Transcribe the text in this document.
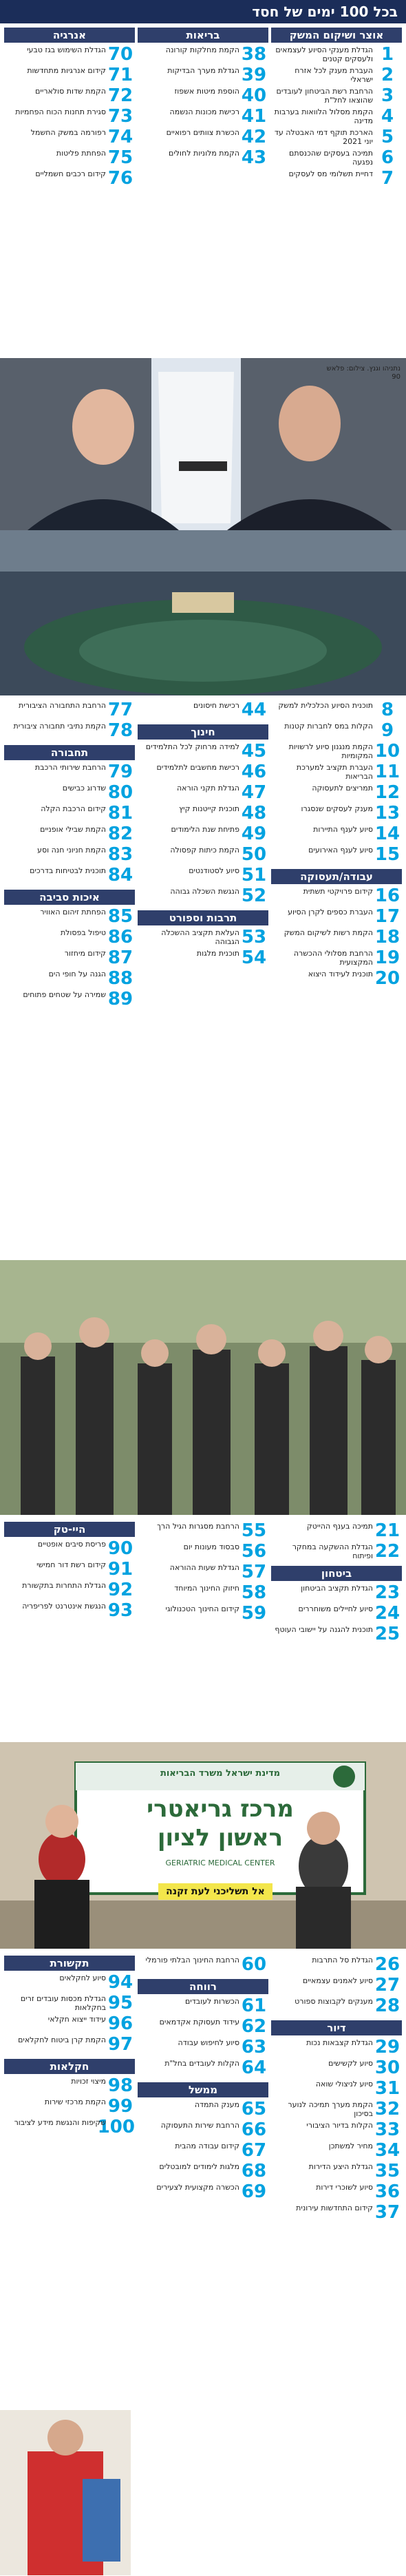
בכל 100 ימים של חסד
אוצר ושיקום המשק
1
הגדלת מענקי הסיוע לעצמאים ולעסקים קטנים
2
העברת מענק לכל אזרח ישראלי
3
הרחבת רשת הביטחון לעובדים שהוצאו לחל"ת
4
הקמת מסלול הלוואות בערבות מדינה
5
הארכת תוקף דמי האבטלה עד יוני 2021
6
תמיכה בעסקים שהכנסתם נפגעה
7
דחיית תשלומי מס לעסקים
בריאות
38
הקמת מחלקות קורונה
39
הגדלת מערך הבדיקות
40
הוספת מיטות אשפוז
41
רכישת מכונות הנשמה
42
הכשרת צוותים רפואיים
43
הקמת מלוניות לחולים
אנרגיה
70
הגדלת השימוש בגז טבעי
71
קידום אנרגיות מתחדשות
72
הקמת שדות סולאריים
73
סגירת תחנות הכוח הפחמיות
74
רפורמה במשק החשמל
75
הפחתת פליטות
76
קידום רכבים חשמליים
נתניהו וגנץ. צילום: פלאש 90
8
תוכנית הסיוע הכלכלית למשק
9
הקלות במס לחברות קטנות
10
הקמת מנגנון סיוע לרשויות המקומיות
11
העברת תקציב למערכת הבריאות
12
תמריצים לתעסוקה
13
מענק לעסקים שנסגרו
14
סיוע לענף התיירות
15
סיוע לענף האירועים
עבודה/תעסוקה
16
קידום פרויקטי תשתית
17
העברת כספים לקרן הסיוע
18
הקמת רשות לשיקום המשק
19
הרחבת מסלולי ההכשרה המקצועית
20
תוכנית לעידוד היצוא
44
רכישת חיסונים
חינוך
45
למידה מרחוק לכל התלמידים
46
רכישת מחשבים לתלמידים
47
הגדלת תקני הוראה
48
תוכנית קייטנות קיץ
49
פתיחת שנת הלימודים
50
הקמת כיתות קפסולה
51
סיוע לסטודנטים
52
הנגשת השכלה גבוהה
תרבות וספורט
53
העלאת תקציב ההשכלה הגבוהה
54
תוכנית מלגות
77
הרחבת התחבורה הציבורית
78
הקמת נתיבי תחבורה ציבורית
תחבורה
79
הרחבת שירותי הרכבת
80
שדרוג כבישים
81
קידום הרכבת הקלה
82
הקמת שבילי אופניים
83
הקמת חניוני חנה וסע
84
תוכנית לבטיחות בדרכים
איכות סביבה
85
הפחתת זיהום האוויר
86
טיפול בפסולת
87
קידום מיחזור
88
הגנה על חופי הים
89
שמירה על שטחים פתוחים
21
תמיכה בענף ההייטק
22
הגדלת ההשקעה במחקר ופיתוח
ביטחון
23
הגדלת תקציב הביטחון
24
סיוע לחיילים משוחררים
25
תוכנית להגנה על יישובי העוטף
55
הרחבת מסגרות הגיל הרך
56
סבסוד מעונות יום
57
הגדלת שעות ההוראה
58
חיזוק החינוך המיוחד
59
קידום החינוך הטכנולוגי
היי-טק
90
פריסת סיבים אופטיים
91
קידום רשת דור חמישי
92
הגדלת התחרות בתקשורת
93
הנגשת אינטרנט לפריפריה
מדינת ישראל משרד הבריאות
מרכז גריאטרי
ראשון לציון
GERIATRIC MEDICAL CENTER
אל תשליכני לעת זקנה
26
הגדלת סל התרבות
27
סיוע לאמנים עצמאיים
28
מענקים לקבוצות ספורט
דיור
29
הגדלת קצבאות נכות
30
סיוע לקשישים
31
סיוע לניצולי שואה
32
הקמת מערך תמיכה לנוער בסיכון
33
הקלות בדיור הציבורי
34
מחיר למשתכן
35
הגדלת היצע הדירות
36
סיוע לשוכרי דירות
37
קידום התחדשות עירונית
60
הרחבת החינוך הבלתי פורמלי
רווחה
61
הכשרות לעובדים
62
עידוד תעסוקת אקדמאים
63
סיוע לחיפוש עבודה
64
הקלות לעובדים בחל"ת
ממשל
65
מענק התמדה
66
הרחבת שירות התעסוקה
67
קידום עבודה מהבית
68
מלגות לימודים למובטלים
69
הכשרה מקצועית לצעירים
תקשורת
94
סיוע לחקלאים
95
הגדלת מכסות עובדים זרים בחקלאות
96
עידוד ייצוא חקלאי
97
הקמת קרן ביטוח לחקלאים
חקלאות
98
מיצוי זכויות
99
הקמת מרכזי שירות
100
שקיפות והנגשת מידע לציבור
